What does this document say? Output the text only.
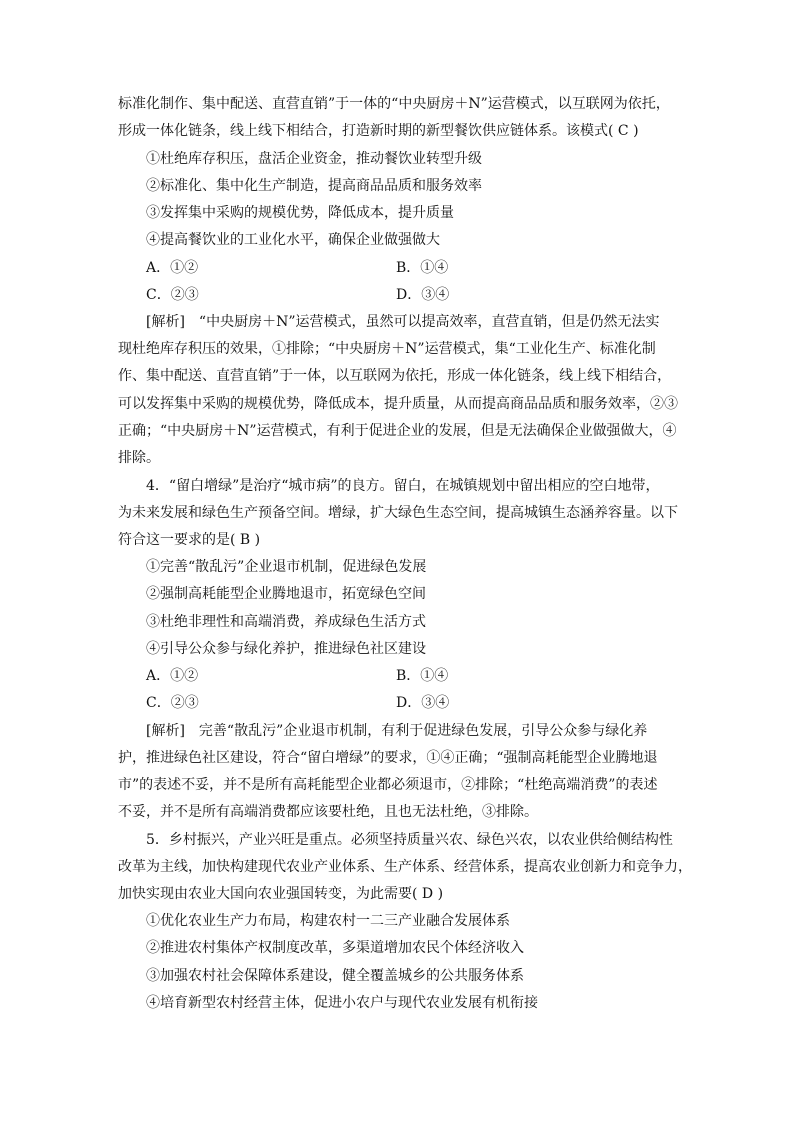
标准化制作、集中配送、直营直销”于一体的“中央厨房＋N”运营模式，以互联网为依托，
形成一体化链条，线上线下相结合，打造新时期的新型餐饮供应链体系。该模式( C )
①杜绝库存积压，盘活企业资金，推动餐饮业转型升级
②标准化、集中化生产制造，提高商品品质和服务效率
③发挥集中采购的规模优势，降低成本，提升质量
④提高餐饮业的工业化水平，确保企业做强做大
A．①②	B．①④
C．②③	D．③④
[解析]　“中央厨房＋N”运营模式，虽然可以提高效率，直营直销，但是仍然无法实
现杜绝库存积压的效果，①排除；“中央厨房＋N”运营模式，集“工业化生产、标准化制
作、集中配送、直营直销”于一体，以互联网为依托，形成一体化链条，线上线下相结合，
可以发挥集中采购的规模优势，降低成本，提升质量，从而提高商品品质和服务效率，②③
正确；“中央厨房＋N”运营模式，有利于促进企业的发展，但是无法确保企业做强做大，④
排除。
4．“留白增绿”是治疗“城市病”的良方。留白，在城镇规划中留出相应的空白地带，
为未来发展和绿色生产预备空间。增绿，扩大绿色生态空间，提高城镇生态涵养容量。以下
符合这一要求的是( B )
①完善“散乱污”企业退市机制，促进绿色发展
②强制高耗能型企业腾地退市，拓宽绿色空间
③杜绝非理性和高端消费，养成绿色生活方式
④引导公众参与绿化养护，推进绿色社区建设
A．①②	B．①④
C．②③	D．③④
[解析]　完善“散乱污”企业退市机制，有利于促进绿色发展，引导公众参与绿化养
护，推进绿色社区建设，符合“留白增绿”的要求，①④正确；“强制高耗能型企业腾地退
市”的表述不妥，并不是所有高耗能型企业都必须退市，②排除；“杜绝高端消费”的表述
不妥，并不是所有高端消费都应该要杜绝，且也无法杜绝，③排除。
5．乡村振兴，产业兴旺是重点。必须坚持质量兴农、绿色兴农，以农业供给侧结构性
改革为主线，加快构建现代农业产业体系、生产体系、经营体系，提高农业创新力和竞争力，
加快实现由农业大国向农业强国转变，为此需要( D )
①优化农业生产力布局，构建农村一二三产业融合发展体系
②推进农村集体产权制度改革，多渠道增加农民个体经济收入
③加强农村社会保障体系建设，健全覆盖城乡的公共服务体系
④培育新型农村经营主体，促进小农户与现代农业发展有机衔接
